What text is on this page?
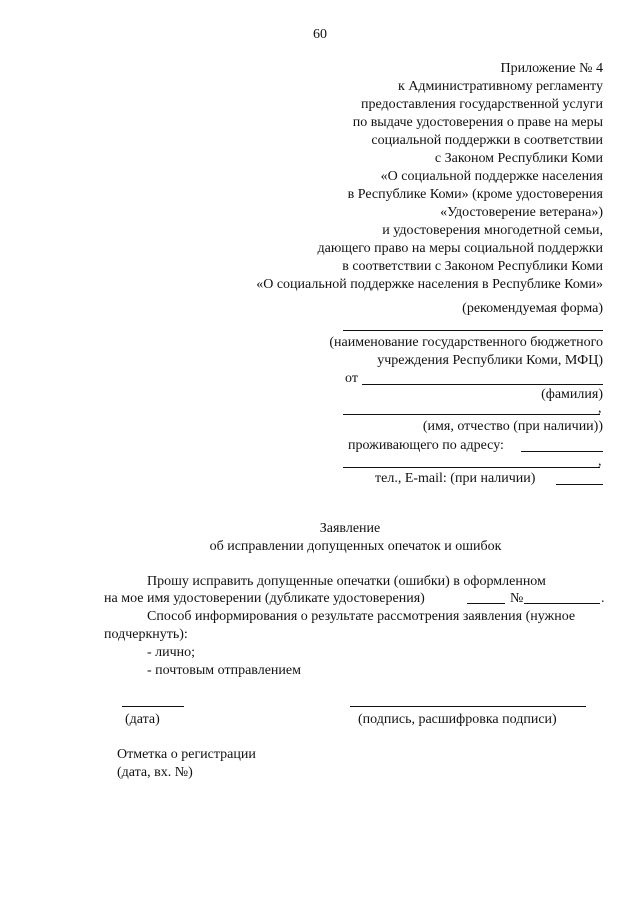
60
Приложение № 4
к Административному регламенту
предоставления государственной услуги
по выдаче удостоверения о праве на меры
социальной поддержки в соответствии
с Законом Республики Коми
«О социальной поддержке населения
в Республике Коми» (кроме удостоверения
«Удостоверение ветерана»)
и удостоверения многодетной семьи,
дающего право на меры социальной поддержки
в соответствии с Законом Республики Коми
«О социальной поддержке населения в Республике Коми»
(рекомендуемая форма)
(наименование государственного бюджетного
учреждения Республики Коми, МФЦ)
от
(фамилия)
,
(имя, отчество (при наличии))
проживающего по адресу:
,
тел., E-mail: (при наличии)
Заявление
об исправлении допущенных опечаток и ошибок
Прошу исправить допущенные опечатки (ошибки) в оформленном
на мое имя удостоверении (дубликате удостоверения)	№	.
Способ информирования о результате рассмотрения заявления (нужное
подчеркнуть):
- лично;
- почтовым отправлением
(дата)	(подпись, расшифровка подписи)
Отметка о регистрации
(дата, вх. №)
